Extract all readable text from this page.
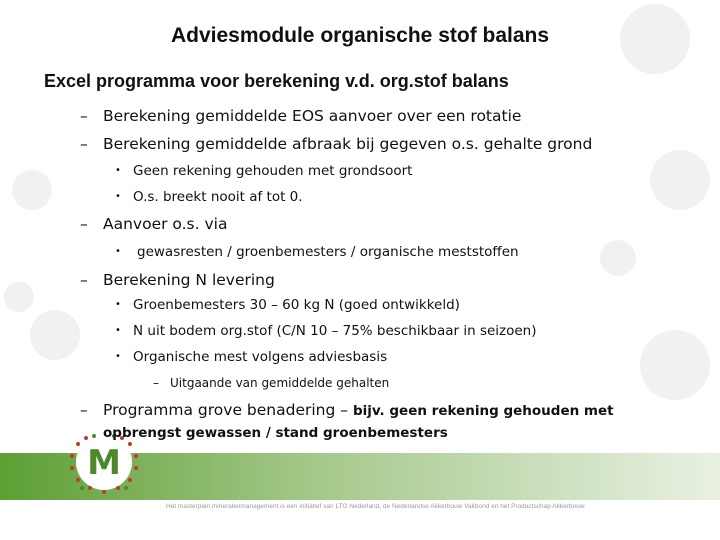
Adviesmodule organische stof balans
Excel programma voor berekening v.d. org.stof balans
– Berekening gemiddelde EOS aanvoer over een rotatie
– Berekening gemiddelde afbraak bij gegeven o.s. gehalte grond
• Geen rekening gehouden met grondsoort
• O.s. breekt nooit af tot 0.
– Aanvoer o.s. via
• gewasresten / groenbemesters / organische meststoffen
– Berekening N levering
• Groenbemesters 30 – 60 kg N (goed ontwikkeld)
• N uit bodem org.stof (C/N 10 – 75% beschikbaar in seizoen)
• Organische mest volgens adviesbasis
– Uitgaande van gemiddelde gehalten
– Programma grove benadering – bijv. geen rekening gehouden met
opbrengst gewassen / stand groenbemesters
M
Het masterplan mineralenmanagement is een initiatief van LTO Nederland, de Nederlandse Akkerbouw Vakbond en het Productschap Akkerbouw.
